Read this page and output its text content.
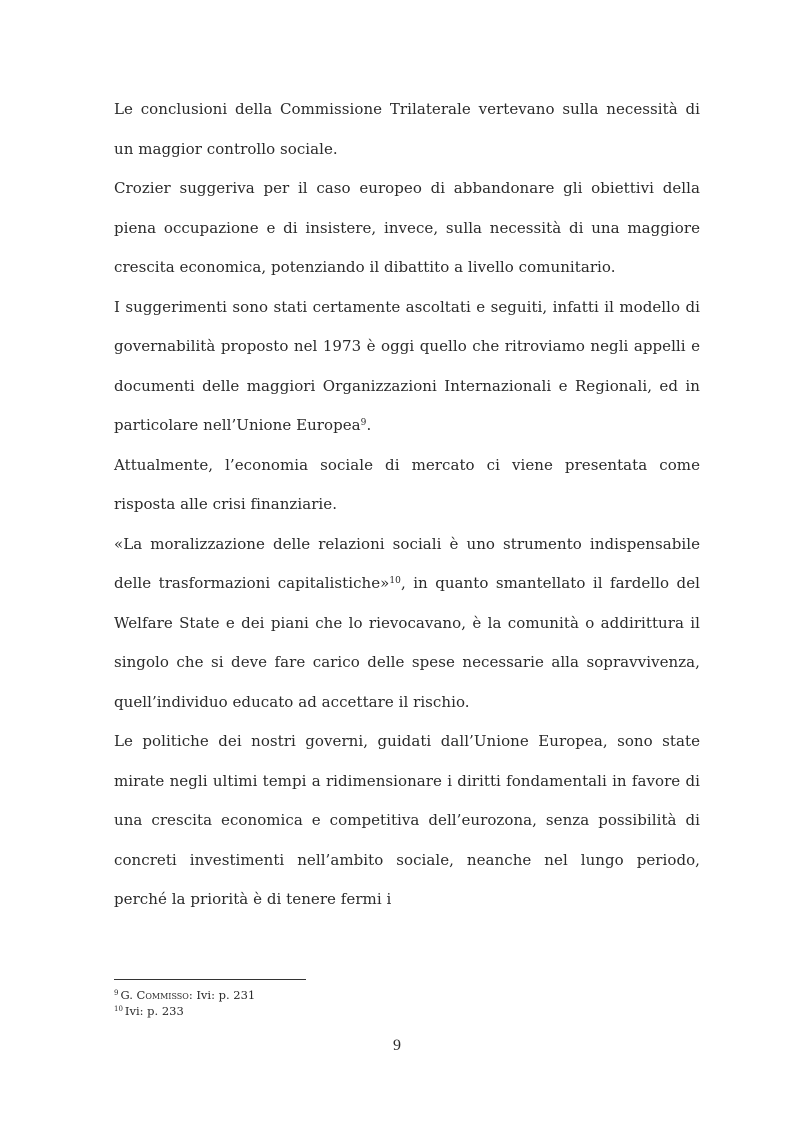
Le conclusioni della Commissione Trilaterale vertevano sulla necessità di un maggior controllo sociale.

Crozier suggeriva per il caso europeo di abbandonare gli obiettivi della piena occupazione e di insistere, invece, sulla necessità di una maggiore crescita economica, potenziando il dibattito a livello comunitario.

I suggerimenti sono stati certamente ascoltati e seguiti, infatti il modello di governabilità proposto nel 1973 è oggi quello che ritroviamo negli appelli e documenti delle maggiori Organizzazioni Internazionali e Regionali, ed in particolare nell’Unione Europea$^9$.

Attualmente, l’economia sociale di mercato ci viene presentata come risposta alle crisi finanziarie.

«La moralizzazione delle relazioni sociali è uno strumento indispensabile delle trasformazioni capitalistiche»$^{10}$, in quanto smantellato il fardello del Welfare State e dei piani che lo rievocavano, è la comunità o addirittura il singolo che si deve fare carico delle spese necessarie alla sopravvivenza, quell’individuo educato ad accettare il rischio.

Le politiche dei nostri governi, guidati dall’Unione Europea, sono state mirate negli ultimi tempi a ridimensionare i diritti fondamentali in favore di una crescita economica e competitiva dell’eurozona, senza possibilità di concreti investimenti nell’ambito sociale, neanche nel lungo periodo, perché la priorità è di tenere fermi i

$^9$ G. Commisso: Ivi: p. 231

$^{10}$ Ivi: p. 233

9
